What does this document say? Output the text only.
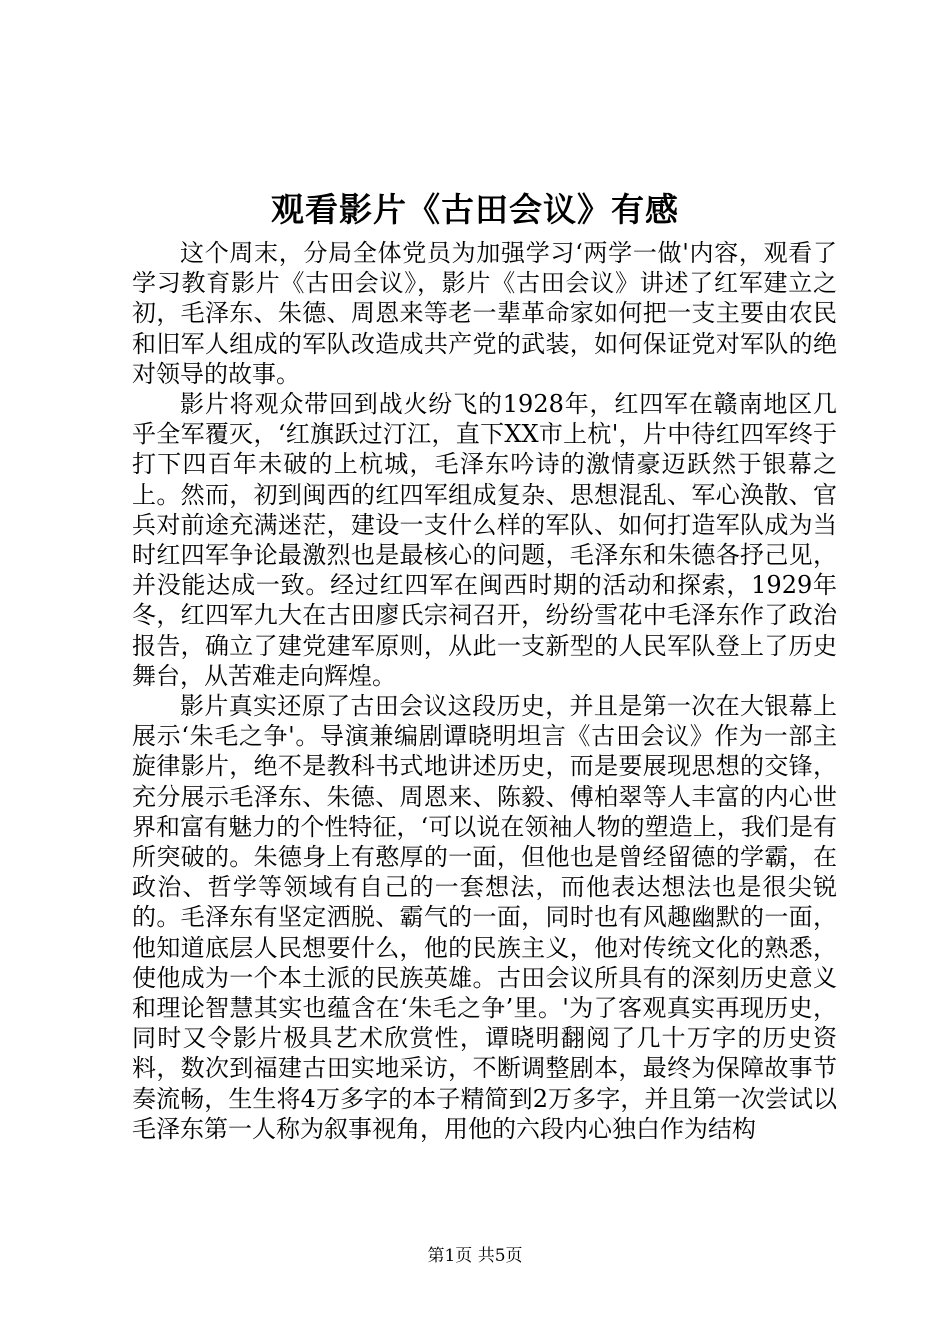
观看影片《古田会议》有感

这个周末，分局全体党员为加强学习‘两学一做'内容，观看了学习教育影片《古田会议》，影片《古田会议》讲述了红军建立之初，毛泽东、朱德、周恩来等老一辈革命家如何把一支主要由农民和旧军人组成的军队改造成共产党的武装，如何保证党对军队的绝对领导的故事。

影片将观众带回到战火纷飞的1928年，红四军在赣南地区几乎全军覆灭，‘红旗跃过汀江，直下XX市上杭'，片中待红四军终于打下四百年未破的上杭城，毛泽东吟诗的激情豪迈跃然于银幕之上。然而，初到闽西的红四军组成复杂、思想混乱、军心涣散、官兵对前途充满迷茫，建设一支什么样的军队、如何打造军队成为当时红四军争论最激烈也是最核心的问题，毛泽东和朱德各抒己见，并没能达成一致。经过红四军在闽西时期的活动和探索，1929年冬，红四军九大在古田廖氏宗祠召开，纷纷雪花中毛泽东作了政治报告，确立了建党建军原则，从此一支新型的人民军队登上了历史舞台，从苦难走向辉煌。

影片真实还原了古田会议这段历史，并且是第一次在大银幕上展示‘朱毛之争'。导演兼编剧谭晓明坦言《古田会议》作为一部主旋律影片，绝不是教科书式地讲述历史，而是要展现思想的交锋，充分展示毛泽东、朱德、周恩来、陈毅、傅柏翠等人丰富的内心世界和富有魅力的个性特征，‘可以说在领袖人物的塑造上，我们是有所突破的。朱德身上有憨厚的一面，但他也是曾经留德的学霸，在政治、哲学等领域有自己的一套想法，而他表达想法也是很尖锐的。毛泽东有坚定洒脱、霸气的一面，同时也有风趣幽默的一面，他知道底层人民想要什么，他的民族主义，他对传统文化的熟悉，使他成为一个本土派的民族英雄。古田会议所具有的深刻历史意义和理论智慧其实也蕴含在‘朱毛之争’里。'为了客观真实再现历史，同时又令影片极具艺术欣赏性，谭晓明翻阅了几十万字的历史资料，数次到福建古田实地采访，不断调整剧本，最终为保障故事节奏流畅，生生将4万多字的本子精简到2万多字，并且第一次尝试以毛泽东第一人称为叙事视角，用他的六段内心独白作为结构

第1页 共5页
